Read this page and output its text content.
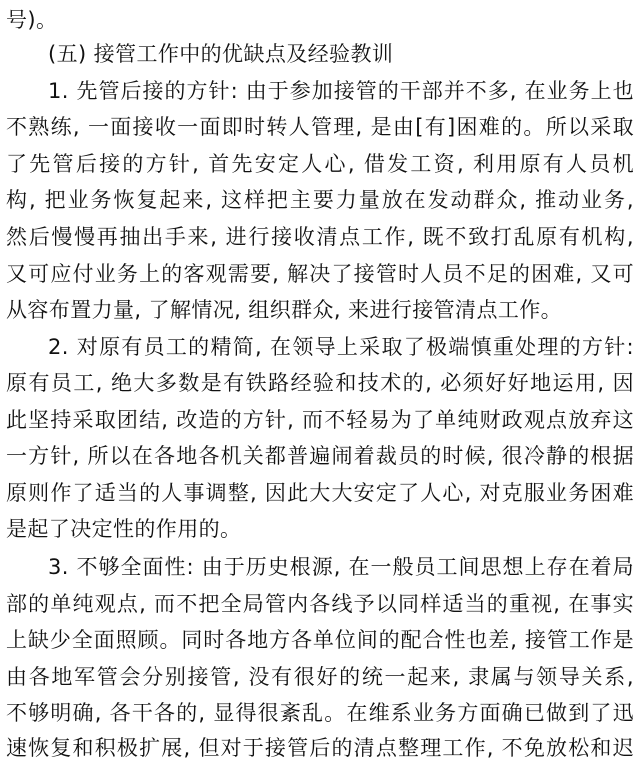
号)。
(五) 接管工作中的优缺点及经验教训
1. 先管后接的方针: 由于参加接管的干部并不多, 在业务上也
不熟练, 一面接收一面即时转人管理, 是由[有]困难的。所以采取
了先管后接的方针, 首先安定人心, 借发工资, 利用原有人员机
构, 把业务恢复起来, 这样把主要力量放在发动群众, 推动业务,
然后慢慢再抽出手来, 进行接收清点工作, 既不致打乱原有机构,
又可应付业务上的客观需要, 解决了接管时人员不足的困难, 又可
从容布置力量, 了解情况, 组织群众, 来进行接管清点工作。
2. 对原有员工的精简, 在领导上采取了极端慎重处理的方针:
原有员工, 绝大多数是有铁路经验和技术的, 必须好好地运用, 因
此坚持采取团结, 改造的方针, 而不轻易为了单纯财政观点放弃这
一方针, 所以在各地各机关都普遍闹着裁员的时候, 很冷静的根据
原则作了适当的人事调整, 因此大大安定了人心, 对克服业务困难
是起了决定性的作用的。
3. 不够全面性: 由于历史根源, 在一般员工间思想上存在着局
部的单纯观点, 而不把全局管内各线予以同样适当的重视, 在事实
上缺少全面照顾。同时各地方各单位间的配合性也差, 接管工作是
由各地军管会分别接管, 没有很好的统一起来, 隶属与领导关系,
不够明确, 各干各的, 显得很紊乱。在维系业务方面确已做到了迅
速恢复和积极扩展, 但对于接管后的清点整理工作, 不免放松和迟
